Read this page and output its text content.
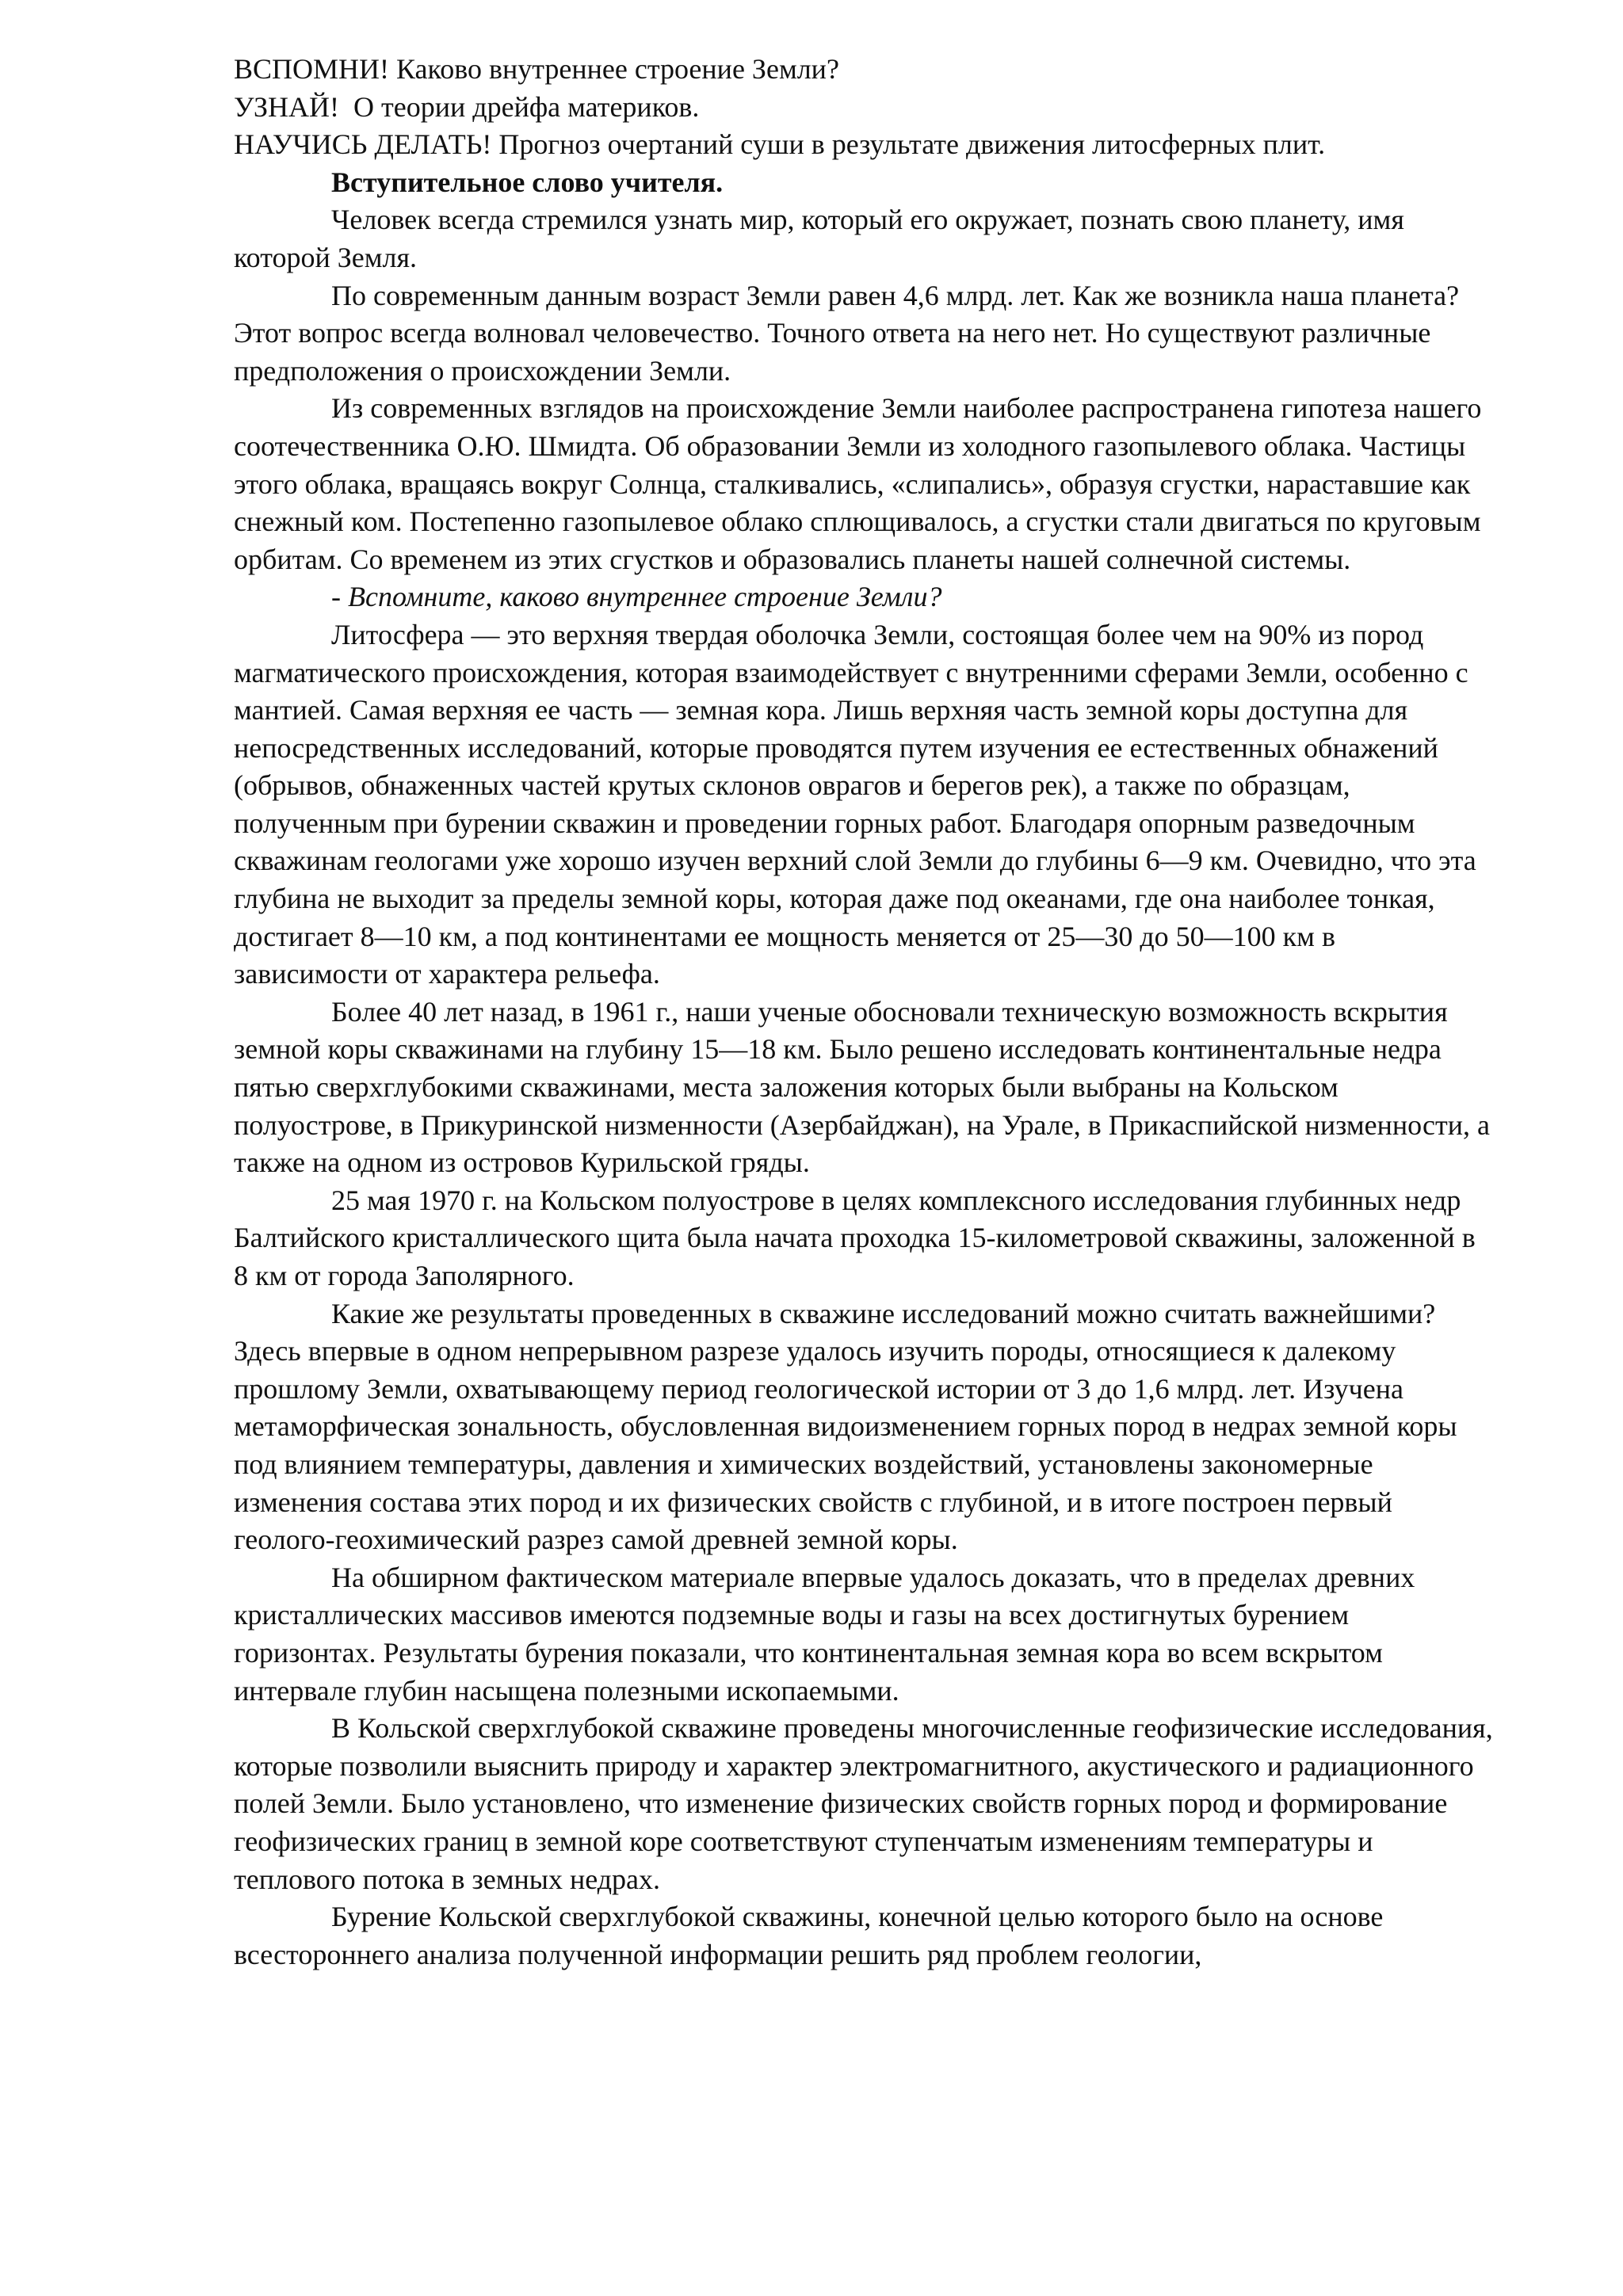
ВСПОМНИ! Каково внутреннее строение Земли?

УЗНАЙ!  О теории дрейфа материков.

НАУЧИСЬ ДЕЛАТЬ! Прогноз очертаний суши в результате движения литосферных плит.

Вступительное слово учителя.

Человек всегда стремился узнать мир, который его окружает, познать свою планету, имя которой Земля.

По современным данным возраст Земли равен 4,6 млрд. лет. Как же возникла наша планета? Этот вопрос всегда волновал человечество. Точного ответа на него нет. Но существуют различные предположения о происхождении Земли.

Из современных взглядов на происхождение Земли наиболее распространена гипотеза нашего соотечественника О.Ю. Шмидта. Об образовании Земли из холодного газопылевого облака. Частицы этого облака, вращаясь вокруг Солнца, сталкивались, «слипались», образуя сгустки, нараставшие как снежный ком. Постепенно газопылевое облако сплющивалось, а сгустки стали двигаться по круговым орбитам. Со временем из этих сгустков и образовались планеты нашей солнечной системы.

- Вспомните, каково внутреннее строение Земли?

Литосфера — это верхняя твердая оболочка Земли, состоящая более чем на 90% из пород магматического происхождения, которая взаимодействует с внутренними сферами Земли, особенно с мантией. Самая верхняя ее часть — земная кора. Лишь верхняя часть земной коры доступна для непосредственных исследований, которые проводятся путем изучения ее естественных обнажений (обрывов, обнаженных частей крутых склонов оврагов и берегов рек), а также по образцам, полученным при бурении скважин и проведении горных работ. Благодаря опорным разведочным скважинам геологами уже хорошо изучен верхний слой Земли до глубины 6—9 км. Очевидно, что эта глубина не выходит за пределы земной коры, которая даже под океанами, где она наиболее тонкая, достигает 8—10 км, а под континентами ее мощность меняется от 25—30 до 50—100 км в зависимости от характера рельефа.

Более 40 лет назад, в 1961 г., наши ученые обосновали техническую возможность вскрытия земной коры скважинами на глубину 15—18 км. Было решено исследовать континентальные недра пятью сверхглубокими скважинами, места заложения которых были выбраны на Кольском полуострове, в Прикуринской низменности (Азербайджан), на Урале, в Прикаспийской низменности, а также на одном из островов Курильской гряды.

25 мая 1970 г. на Кольском полуострове в целях комплексного исследования глубинных недр Балтийского кристаллического щита была начата проходка 15-километровой скважины, заложенной в 8 км от города Заполярного.

Какие же результаты проведенных в скважине исследований можно считать важнейшими? Здесь впервые в одном непрерывном разрезе удалось изучить породы, относящиеся к далекому прошлому Земли, охватывающему период геологической истории от 3 до 1,6 млрд. лет. Изучена метаморфическая зональность, обусловленная видоизменением горных пород в недрах земной коры под влиянием температуры, давления и химических воздействий, установлены закономерные изменения состава этих пород и их физических свойств с глубиной, и в итоге построен первый геолого-геохимический разрез самой древней земной коры.

На обширном фактическом материале впервые удалось доказать, что в пределах древних кристаллических массивов имеются подземные воды и газы на всех достигнутых бурением горизонтах. Результаты бурения показали, что континентальная земная кора во всем вскрытом интервале глубин насыщена полезными ископаемыми.

В Кольской сверхглубокой скважине проведены многочисленные геофизические исследования, которые позволили выяснить природу и характер электромагнитного, акустического и радиационного полей Земли. Было установлено, что изменение физических свойств горных пород и формирование геофизических границ в земной коре соответствуют ступенчатым изменениям температуры и теплового потока в земных недрах.

Бурение Кольской сверхглубокой скважины, конечной целью которого было на основе всестороннего анализа полученной информации решить ряд проблем геологии,
